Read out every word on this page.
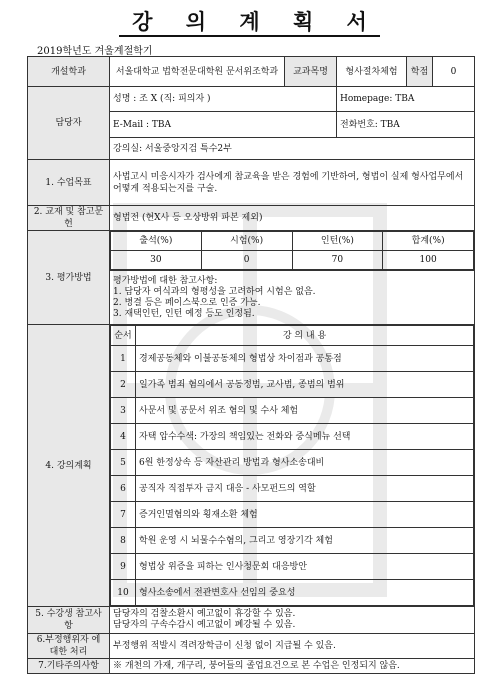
강 의 계 획 서
2019학년도 겨울계절학기
개설학과	서울대학교 법학전문대학원 문서위조학과	교과목명	형사절차체험	학점	0
담당자	성명 : 조 X (직: 피의자 )	Homepage: TBA
E-Mail : TBA	전화번호: TBA
강의실: 서울중앙지검 특수2부
1. 수업목표	사법고시 미응시자가 검사에게 참교육을 받은 경험에 기반하여, 형법이 실제 형사업무에서 어떻게 적용되는지를 구술.
2. 교재 및 참고문헌	형법전 (현X사 등 오상방위 파본 제외)
3. 평가방법	
출석(%)	시험(%)	인턴(%)	합계(%)
30	0	70	100

평가방법에 대한 참고사항:
1. 담당자 여식과의 형평성을 고려하여 시험은 없음.
2. 병결 등은 페이스북으로 인증 가능.
3. 재택인턴, 인턴 예정 등도 인정됨.

4. 강의계획	
순서	강 의 내 용
1	경제공동체와 이불공동체의 형법상 차이점과 공통점
2	일가족 범죄 혐의에서 공동정범, 교사범, 종범의 범위
3	사문서 및 공문서 위조 혐의 및 수사 체험
4	자택 압수수색: 가장의 책임있는 전화와 중식메뉴 선택
5	6원 한정상속 등 자산관리 방법과 형사소송대비
6	공직자 직접투자 금지 대응 - 사모펀드의 역할
7	증거인멸혐의와 횡재소환 체험
8	학원 운영 시 뇌물수수혐의, 그리고 영장기각 체험
9	형법상 위증을 피하는 인사청문회 대응방안
10	형사소송에서 전관변호사 선임의 중요성

5. 수강생 참고사항	
담당자의 검찰소환시 예고없이 휴강할 수 있음.
담당자의 구속수감시 예고없이 폐강될 수 있음.

6.부정행위자 에 대한 처리	부정행위 적발시 격려장학금이 신청 없이 지급될 수 있음.
7.기타주의사항	※ 개천의 가재, 개구리, 붕어들의 졸업요건으로 본 수업은 인정되지 않음.
